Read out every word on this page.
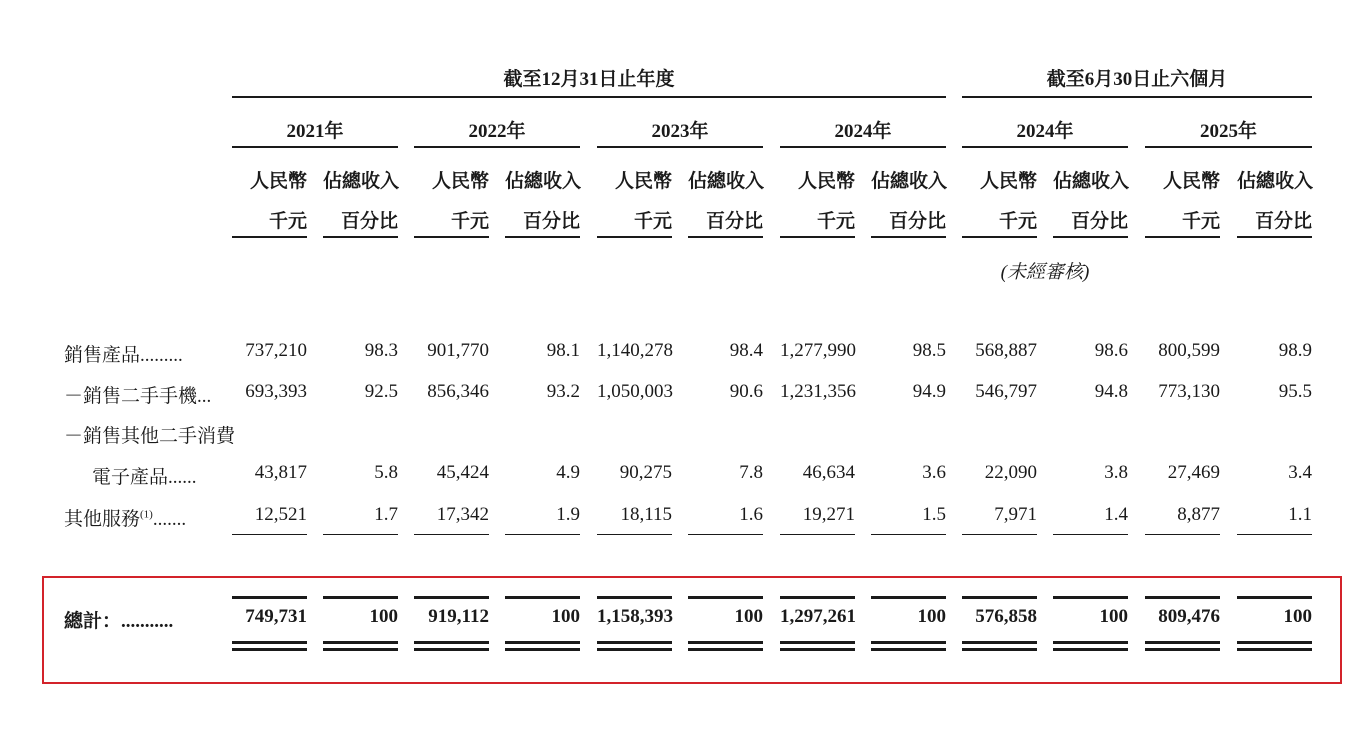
截至12月31日止年度	截至6月30日止六個月
2021年	2022年	2023年	2024年	2024年	2025年
人民幣 佔總收入	人民幣 佔總收入	人民幣 佔總收入	人民幣 佔總收入	人民幣 佔總收入	人民幣 佔總收入
千元	百分比	千元	百分比	千元	百分比	千元	百分比	千元	百分比	千元	百分比
(未經審核)
銷售產品.........	737,210	98.3	901,770	98.1 1,140,278	98.4 1,277,990	98.5	568,887	98.6	800,599	98.9
－銷售二手手機...	693,393	92.5	856,346	93.2 1,050,003	90.6 1,231,356	94.9	546,797	94.8	773,130	95.5
－銷售其他二手消費
電子產品......	43,817	5.8	45,424	4.9	90,275	7.8	46,634	3.6	22,090	3.8	27,469	3.4
其他服務$^{(1)}$.......	12,521	1.7	17,342	1.9	18,115	1.6	19,271	1.5	7,971	1.4	8,877	1.1
總計：...........	749,731	100	919,112	100 1,158,393	100 1,297,261	100	576,858	100	809,476	100
